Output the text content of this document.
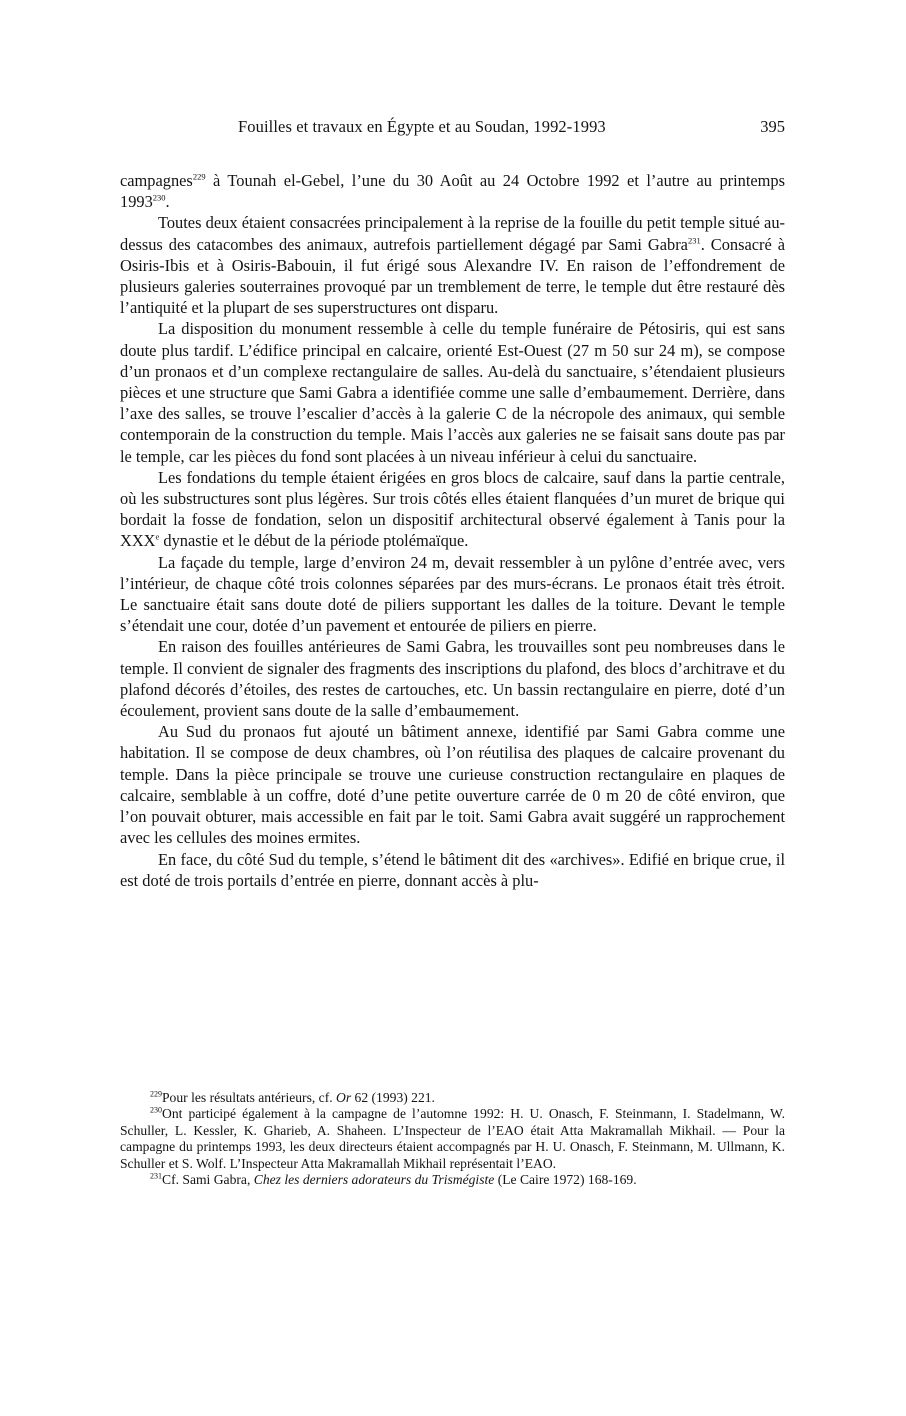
Fouilles et travaux en Égypte et au Soudan, 1992-1993	395

campagnes$^{229}$ à Tounah el-Gebel, l’une du 30 Août au 24 Octobre 1992 et l’autre au printemps 1993$^{230}$.

Toutes deux étaient consacrées principalement à la reprise de la fouille du petit temple situé au-dessus des catacombes des animaux, autrefois partiellement dégagé par Sami Gabra$^{231}$. Consacré à Osiris-Ibis et à Osiris-Babouin, il fut érigé sous Alexandre IV. En raison de l’effondrement de plusieurs galeries souterraines provoqué par un tremblement de terre, le temple dut être restauré dès l’antiquité et la plupart de ses superstructures ont disparu.

La disposition du monument ressemble à celle du temple funéraire de Pétosiris, qui est sans doute plus tardif. L’édifice principal en calcaire, orienté Est-Ouest (27 m 50 sur 24 m), se compose d’un pronaos et d’un complexe rectangulaire de salles. Au-delà du sanctuaire, s’étendaient plusieurs pièces et une structure que Sami Gabra a identifiée comme une salle d’embaumement. Derrière, dans l’axe des salles, se trouve l’escalier d’accès à la galerie C de la nécropole des animaux, qui semble contemporain de la construction du temple. Mais l’accès aux galeries ne se faisait sans doute pas par le temple, car les pièces du fond sont placées à un niveau inférieur à celui du sanctuaire.

Les fondations du temple étaient érigées en gros blocs de calcaire, sauf dans la partie centrale, où les substructures sont plus légères. Sur trois côtés elles étaient flanquées d’un muret de brique qui bordait la fosse de fondation, selon un dispositif architectural observé également à Tanis pour la XXXe dynastie et le début de la période ptolémaïque.

La façade du temple, large d’environ 24 m, devait ressembler à un pylône d’entrée avec, vers l’intérieur, de chaque côté trois colonnes séparées par des murs-écrans. Le pronaos était très étroit. Le sanctuaire était sans doute doté de piliers supportant les dalles de la toiture. Devant le temple s’étendait une cour, dotée d’un pavement et entourée de piliers en pierre.

En raison des fouilles antérieures de Sami Gabra, les trouvailles sont peu nombreuses dans le temple. Il convient de signaler des fragments des inscriptions du plafond, des blocs d’architrave et du plafond décorés d’étoiles, des restes de cartouches, etc. Un bassin rectangulaire en pierre, doté d’un écoulement, provient sans doute de la salle d’embaumement.

Au Sud du pronaos fut ajouté un bâtiment annexe, identifié par Sami Gabra comme une habitation. Il se compose de deux chambres, où l’on réutilisa des plaques de calcaire provenant du temple. Dans la pièce principale se trouve une curieuse construction rectangulaire en plaques de calcaire, semblable à un coffre, doté d’une petite ouverture carrée de 0 m 20 de côté environ, que l’on pouvait obturer, mais accessible en fait par le toit. Sami Gabra avait suggéré un rapprochement avec les cellules des moines ermites.

En face, du côté Sud du temple, s’étend le bâtiment dit des «archives». Edifié en brique crue, il est doté de trois portails d’entrée en pierre, donnant accès à plu-

$^{229}$Pour les résultats antérieurs, cf. Or 62 (1993) 221.

$^{230}$Ont participé également à la campagne de l’automne 1992: H. U. Onasch, F. Steinmann, I. Stadelmann, W. Schuller, L. Kessler, K. Gharieb, A. Shaheen. L’Inspecteur de l’EAO était Atta Makramallah Mikhail. — Pour la campagne du printemps 1993, les deux directeurs étaient accompagnés par H. U. Onasch, F. Steinmann, M. Ullmann, K. Schuller et S. Wolf. L’Inspecteur Atta Makramallah Mikhail représentait l’EAO.

$^{231}$Cf. Sami Gabra, Chez les derniers adorateurs du Trismégiste (Le Caire 1972) 168-169.
